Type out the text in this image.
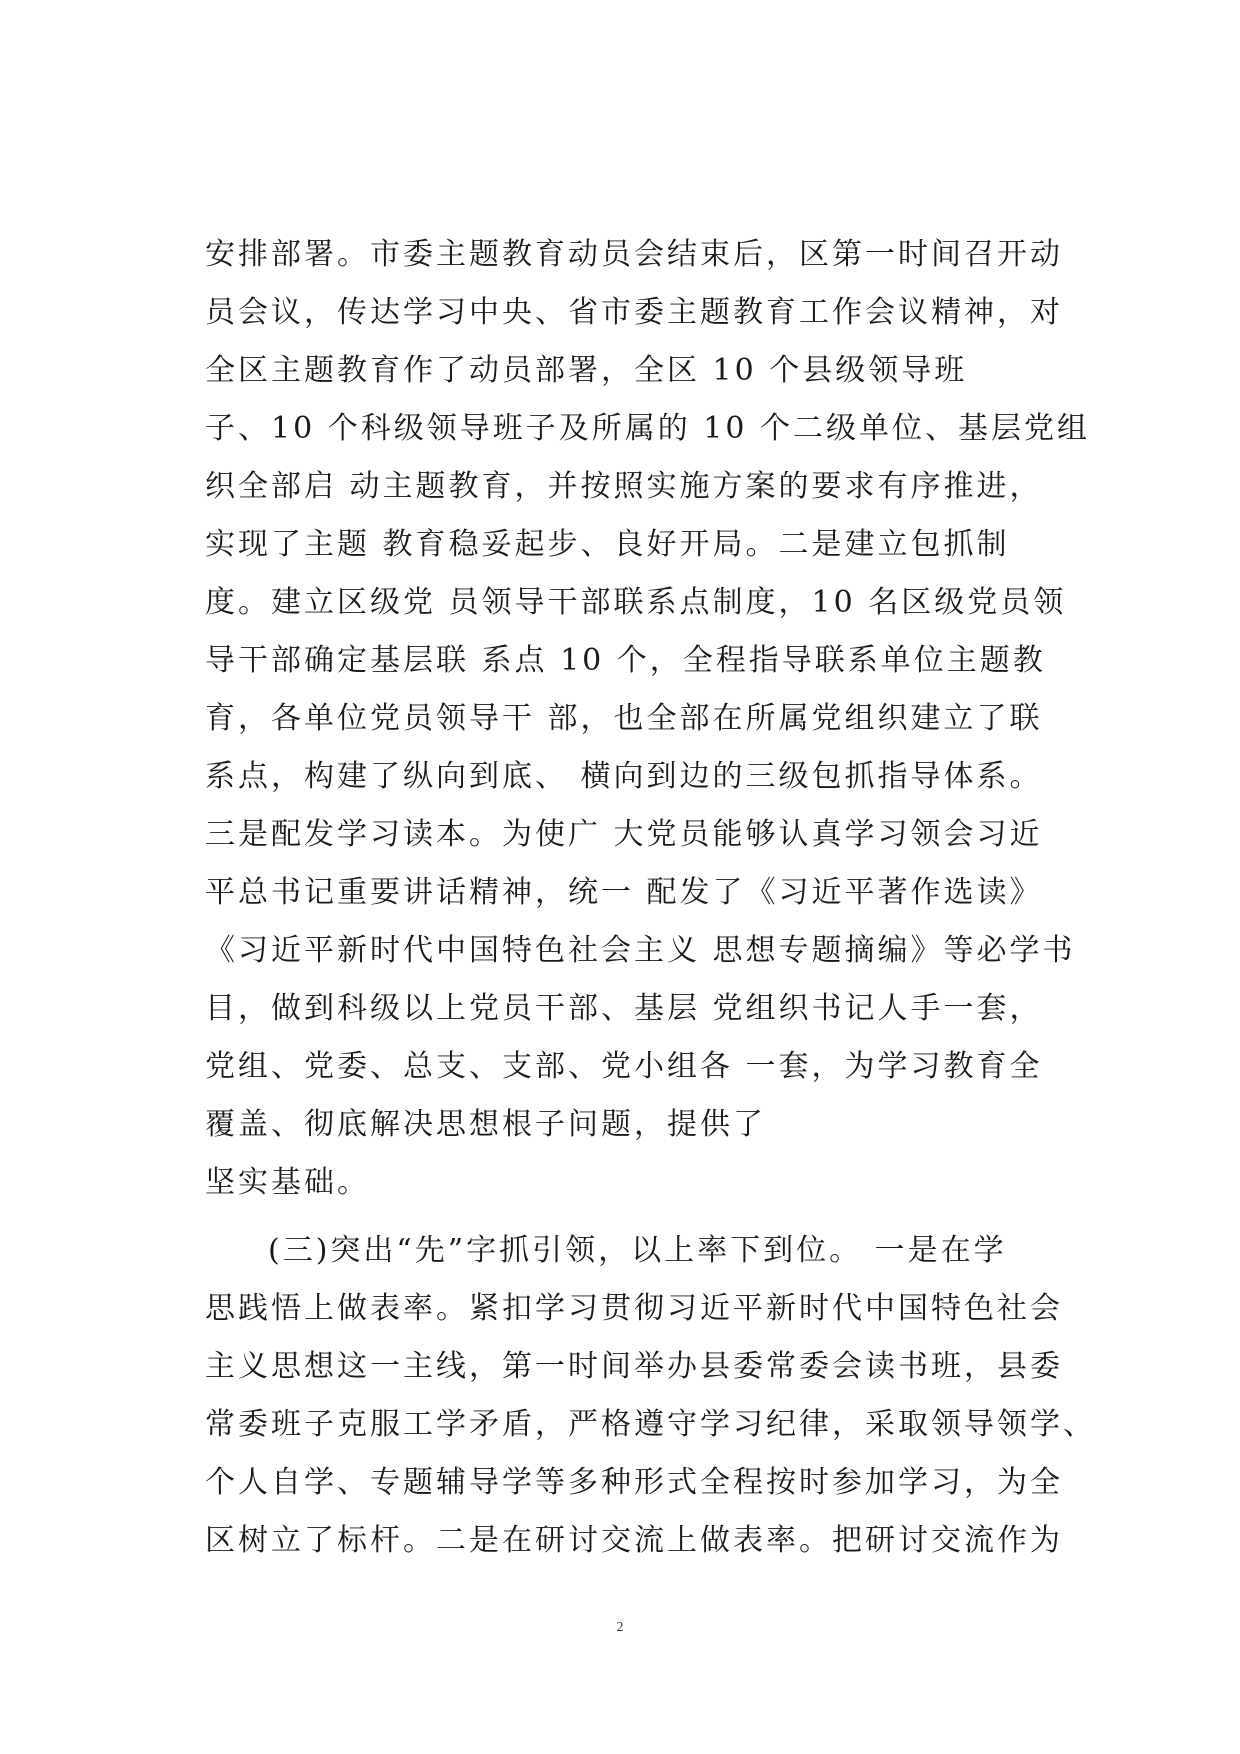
安排部署。市委主题教育动员会结束后，区第一时间召开动
员会议，传达学习中央、省市委主题教育工作会议精神，对
全区主题教育作了动员部署，全区 10 个县级领导班
子、10 个科级领导班子及所属的 10 个二级单位、基层党组
织全部启 动主题教育，并按照实施方案的要求有序推进，
实现了主题 教育稳妥起步、良好开局。二是建立包抓制
度。建立区级党 员领导干部联系点制度，10 名区级党员领
导干部确定基层联 系点 10 个，全程指导联系单位主题教
育，各单位党员领导干 部，也全部在所属党组织建立了联
系点，构建了纵向到底、 横向到边的三级包抓指导体系。
三是配发学习读本。为使广 大党员能够认真学习领会习近
平总书记重要讲话精神，统一 配发了《习近平著作选读》
《习近平新时代中国特色社会主义 思想专题摘编》等必学书
目，做到科级以上党员干部、基层 党组织书记人手一套，
党组、党委、总支、支部、党小组各 一套，为学习教育全
覆盖、彻底解决思想根子问题，提供了
坚实基础。
(三)突出“先”字抓引领，以上率下到位。 一是在学
思践悟上做表率。紧扣学习贯彻习近平新时代中国特色社会
主义思想这一主线，第一时间举办县委常委会读书班，县委
常委班子克服工学矛盾，严格遵守学习纪律，采取领导领学、
个人自学、专题辅导学等多种形式全程按时参加学习，为全
区树立了标杆。二是在研讨交流上做表率。把研讨交流作为
2
